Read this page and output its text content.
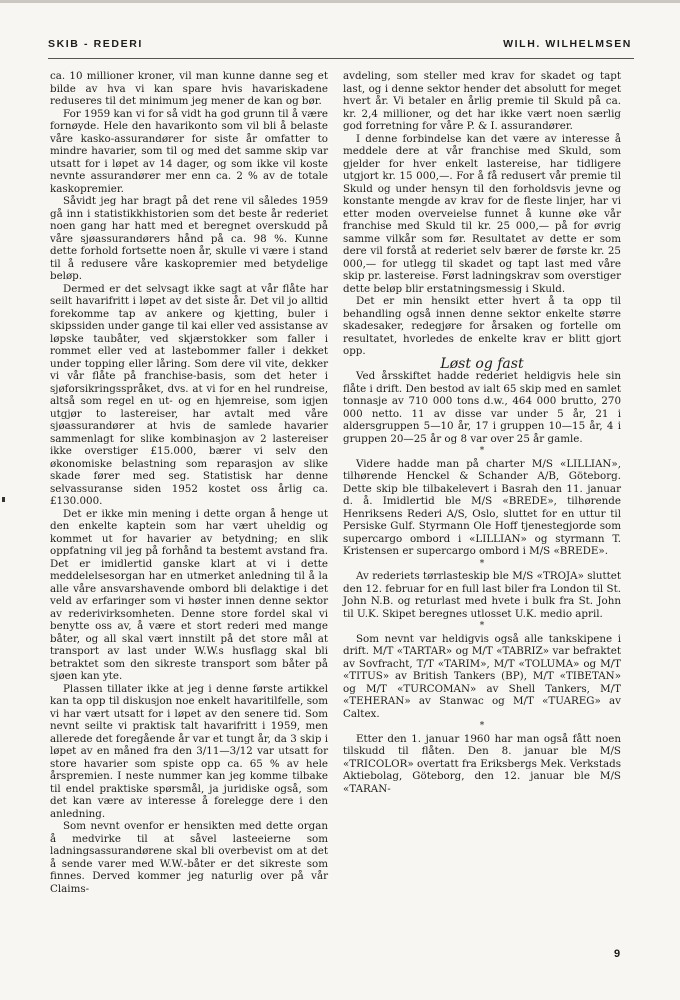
SKIB - REDERI	WILH. WILHELMSEN

ca. 10 millioner kroner, vil man kunne danne seg et bilde av hva vi kan spare hvis havariskadene reduseres til det minimum jeg mener de kan og bør.

For 1959 kan vi for så vidt ha god grunn til å være fornøyde. Hele den havarikonto som vil bli å belaste våre kasko-assurandører for siste år omfatter to mindre havarier, som til og med det samme skip var utsatt for i løpet av 14 dager, og som ikke vil koste nevnte assurandører mer enn ca. 2 % av de totale kaskopremier.

Såvidt jeg har bragt på det rene vil således 1959 gå inn i statistikkhistorien som det beste år rederiet noen gang har hatt med et beregnet overskudd på våre sjøassurandørers hånd på ca. 98 %. Kunne dette forhold fortsette noen år, skulle vi være i stand til å redusere våre kaskopremier med betydelige beløp.

Dermed er det selvsagt ikke sagt at vår flåte har seilt havarifritt i løpet av det siste år. Det vil jo alltid forekomme tap av ankere og kjetting, buler i skipssiden under gange til kai eller ved assistanse av løpske taubåter, ved skjærstokker som faller i rommet eller ved at lastebommer faller i dekket under topping eller låring. Som dere vil vite, dekker vi vår flåte på franchise-basis, som det heter i sjøforsikringsspråket, dvs. at vi for en hel rundreise, altså som regel en ut- og en hjemreise, som igjen utgjør to lastereiser, har avtalt med våre sjøassurandører at hvis de samlede havarier sammenlagt for slike kombinasjon av 2 lastereiser ikke overstiger £15.000, bærer vi selv den økonomiske belastning som reparasjon av slike skade fører med seg. Statistisk har denne selvassuranse siden 1952 kostet oss årlig ca. £130.000.

Det er ikke min mening i dette organ å henge ut den enkelte kaptein som har vært uheldig og kommet ut for havarier av betydning; en slik oppfatning vil jeg på forhånd ta bestemt avstand fra. Det er imidlertid ganske klart at vi i dette meddelelsesorgan har en utmerket anledning til å la alle våre ansvarshavende ombord bli delaktige i det veld av erfaringer som vi høster innen denne sektor av rederivirksomheten. Denne store fordel skal vi benytte oss av, å være et stort rederi med mange båter, og all skal vært innstilt på det store mål at transport av last under W.W.s husflagg skal bli betraktet som den sikreste transport som båter på sjøen kan yte.

Plassen tillater ikke at jeg i denne første artikkel kan ta opp til diskusjon noe enkelt havaritilfelle, som vi har vært utsatt for i løpet av den senere tid. Som nevnt seilte vi praktisk talt havarifritt i 1959, men allerede det foregående år var et tungt år, da 3 skip i løpet av en måned fra den 3/11—3/12 var utsatt for store havarier som spiste opp ca. 65 % av hele årspremien. I neste nummer kan jeg komme tilbake til endel praktiske spørsmål, ja juridiske også, som det kan være av interesse å forelegge dere i den anledning.

Som nevnt ovenfor er hensikten med dette organ å medvirke til at såvel lasteeierne som ladningsassurandørene skal bli overbevist om at det å sende varer med W.W.-båter er det sikreste som finnes. Derved kommer jeg naturlig over på vår Claims-

avdeling, som steller med krav for skadet og tapt last, og i denne sektor hender det absolutt for meget hvert år. Vi betaler en årlig premie til Skuld på ca. kr. 2,4 millioner, og det har ikke vært noen særlig god forretning for våre P. & I. assurandører.

I denne forbindelse kan det være av interesse å meddele dere at vår franchise med Skuld, som gjelder for hver enkelt lastereise, har tidligere utgjort kr. 15 000,—. For å få redusert vår premie til Skuld og under hensyn til den forholdsvis jevne og konstante mengde av krav for de fleste linjer, har vi etter moden overveielse funnet å kunne øke vår franchise med Skuld til kr. 25 000,— på for øvrig samme vilkår som før. Resultatet av dette er som dere vil forstå at rederiet selv bærer de første kr. 25 000,— for utlegg til skadet og tapt last med våre skip pr. lastereise. Først ladningskrav som overstiger dette beløp blir erstatningsmessig i Skuld.

Det er min hensikt etter hvert å ta opp til behandling også innen denne sektor enkelte større skadesaker, redegjøre for årsaken og fortelle om resultatet, hvorledes de enkelte krav er blitt gjort opp.

Løst og fast

Ved årsskiftet hadde rederiet heldigvis hele sin flåte i drift. Den bestod av ialt 65 skip med en samlet tonnasje av 710 000 tons d.w., 464 000 brutto, 270 000 netto. 11 av disse var under 5 år, 21 i aldersgruppen 5—10 år, 17 i gruppen 10—15 år, 4 i gruppen 20—25 år og 8 var over 25 år gamle.

*

Videre hadde man på charter M/S «LILLIAN», tilhørende Henckel & Schander A/B, Göteborg. Dette skip ble tilbakelevert i Basrah den 11. januar d. å. Imidlertid ble M/S «BREDE», tilhørende Henriksens Rederi A/S, Oslo, sluttet for en uttur til Persiske Gulf. Styrmann Ole Hoff tjenestegjorde som supercargo ombord i «LILLIAN» og styrmann T. Kristensen er supercargo ombord i M/S «BREDE».

*

Av rederiets tørrlasteskip ble M/S «TROJA» sluttet den 12. februar for en full last biler fra London til St. John N.B. og returlast med hvete i bulk fra St. John til U.K. Skipet beregnes utlosset U.K. medio april.

*

Som nevnt var heldigvis også alle tankskipene i drift. M/T «TARTAR» og M/T «TABRIZ» var befraktet av Sovfracht, T/T «TARIM», M/T «TOLUMA» og M/T «TITUS» av British Tankers (BP), M/T «TIBETAN» og M/T «TURCOMAN» av Shell Tankers, M/T «TEHERAN» av Stanwac og M/T «TUAREG» av Caltex.

*

Etter den 1. januar 1960 har man også fått noen tilskudd til flåten. Den 8. januar ble M/S «TRICOLOR» overtatt fra Eriksbergs Mek. Verkstads Aktiebolag, Göteborg, den 12. januar ble M/S «TARAN-

9
